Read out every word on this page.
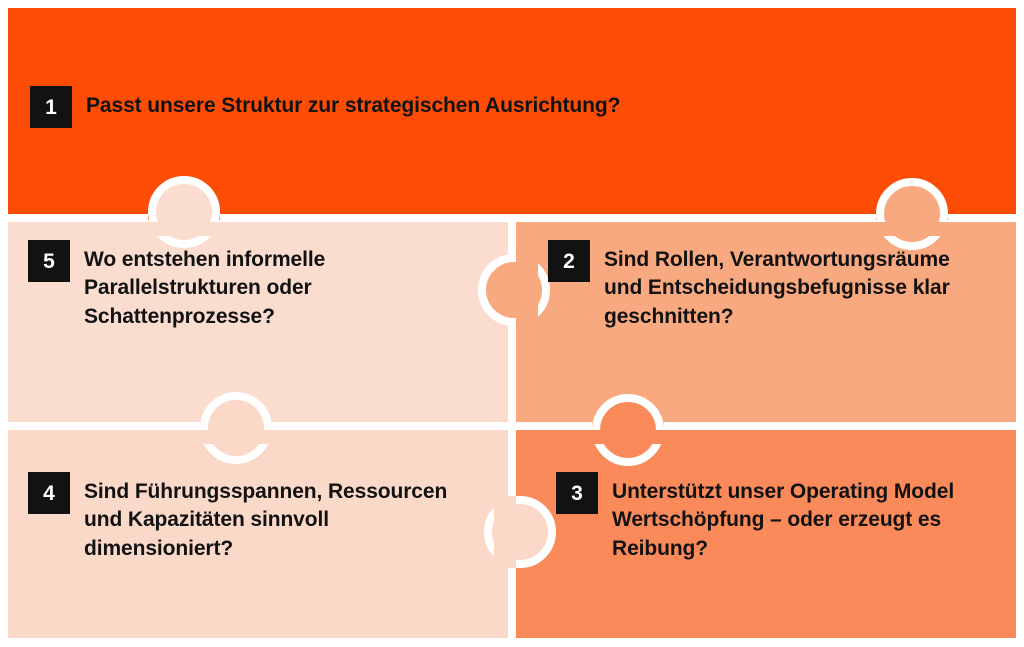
1	Passt unsere Struktur zur strategischen Ausrichtung?
5	Wo entstehen informelle Parallelstrukturen oder Schattenprozesse?
2	Sind Rollen, Verantwortungsräume und Entscheidungsbefugnisse klar geschnitten?
4	Sind Führungsspannen, Ressourcen und Kapazitäten sinnvoll dimensioniert?
3	Unterstützt unser Operating Model Wertschöpfung – oder erzeugt es Reibung?
